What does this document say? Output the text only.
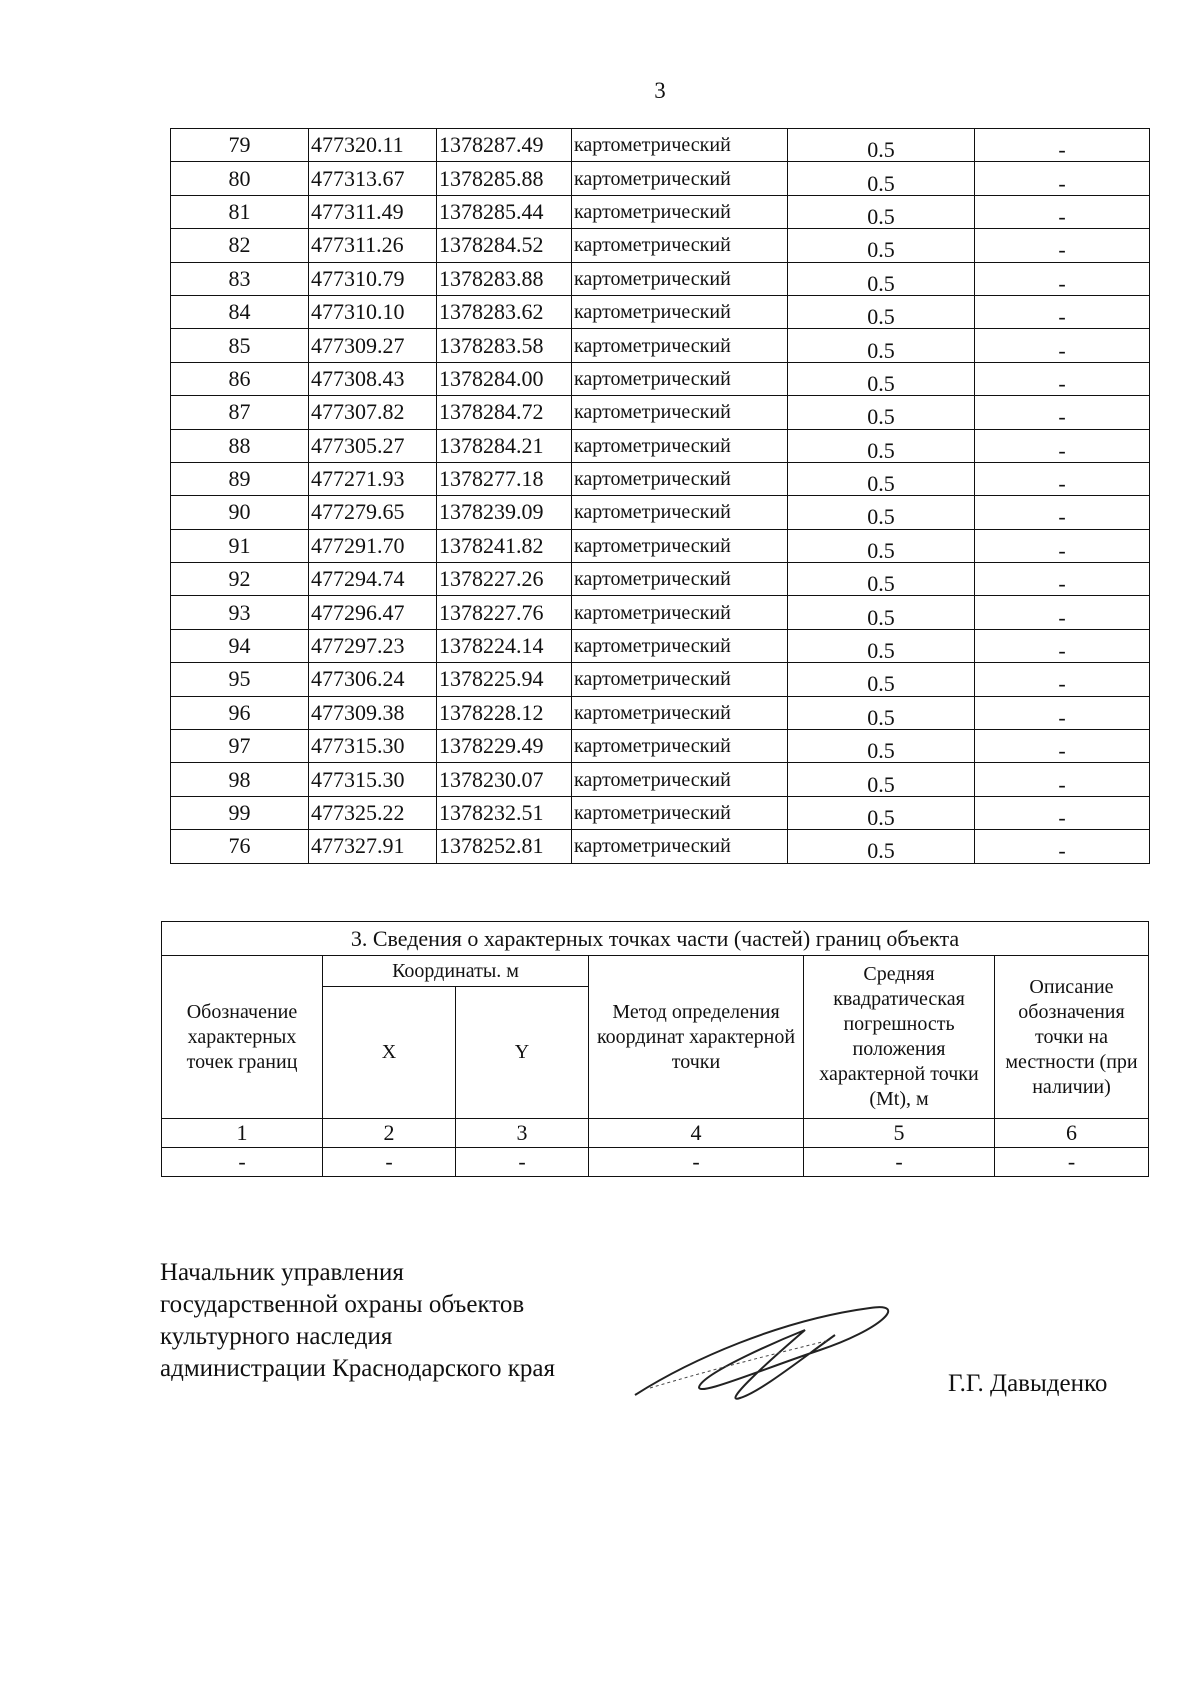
3
79	477320.11	1378287.49	картометрический	0.5	-
80	477313.67	1378285.88	картометрический	0.5	-
81	477311.49	1378285.44	картометрический	0.5	-
82	477311.26	1378284.52	картометрический	0.5	-
83	477310.79	1378283.88	картометрический	0.5	-
84	477310.10	1378283.62	картометрический	0.5	-
85	477309.27	1378283.58	картометрический	0.5	-
86	477308.43	1378284.00	картометрический	0.5	-
87	477307.82	1378284.72	картометрический	0.5	-
88	477305.27	1378284.21	картометрический	0.5	-
89	477271.93	1378277.18	картометрический	0.5	-
90	477279.65	1378239.09	картометрический	0.5	-
91	477291.70	1378241.82	картометрический	0.5	-
92	477294.74	1378227.26	картометрический	0.5	-
93	477296.47	1378227.76	картометрический	0.5	-
94	477297.23	1378224.14	картометрический	0.5	-
95	477306.24	1378225.94	картометрический	0.5	-
96	477309.38	1378228.12	картометрический	0.5	-
97	477315.30	1378229.49	картометрический	0.5	-
98	477315.30	1378230.07	картометрический	0.5	-
99	477325.22	1378232.51	картометрический	0.5	-
76	477327.91	1378252.81	картометрический	0.5	-
3. Сведения о характерных точках части (частей) границ объекта
Обозначение характерных точек границ	Координаты. м		Метод определения координат характерной точки	Средняя квадратическая погрешность положения характерной точки (Mt), м	Описание обозначения точки на местности (при наличии)
	X	Y			
1	2	3	4	5	6
-	-	-	-	-	-
Начальник управления
государственной охраны объектов
культурного наследия
администрации Краснодарского края
Г.Г. Давыденко
